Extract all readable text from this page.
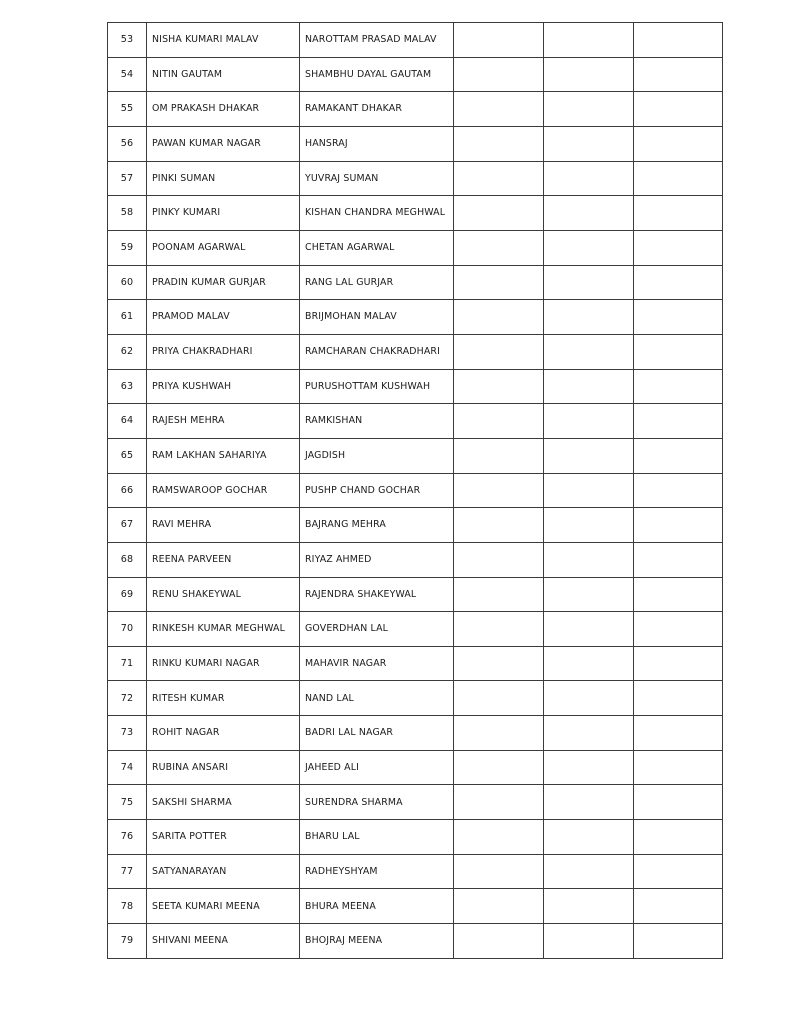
53	NISHA KUMARI MALAV	NAROTTAM PRASAD MALAV			

54	NITIN GAUTAM	SHAMBHU DAYAL GAUTAM			

55	OM PRAKASH DHAKAR	RAMAKANT DHAKAR			

56	PAWAN KUMAR NAGAR	HANSRAJ			

57	PINKI SUMAN	YUVRAJ SUMAN			

58	PINKY KUMARI	KISHAN CHANDRA MEGHWAL			

59	POONAM AGARWAL	CHETAN AGARWAL			

60	PRADIN KUMAR GURJAR	RANG LAL GURJAR			

61	PRAMOD MALAV	BRIJMOHAN MALAV			

62	PRIYA CHAKRADHARI	RAMCHARAN CHAKRADHARI			

63	PRIYA KUSHWAH	PURUSHOTTAM KUSHWAH			

64	RAJESH MEHRA	RAMKISHAN			

65	RAM LAKHAN SAHARIYA	JAGDISH			

66	RAMSWAROOP GOCHAR	PUSHP CHAND GOCHAR			

67	RAVI MEHRA	BAJRANG MEHRA			

68	REENA PARVEEN	RIYAZ AHMED			

69	RENU SHAKEYWAL	RAJENDRA SHAKEYWAL			

70	RINKESH KUMAR MEGHWAL	GOVERDHAN LAL			

71	RINKU KUMARI NAGAR	MAHAVIR NAGAR			

72	RITESH KUMAR	NAND LAL			

73	ROHIT NAGAR	BADRI LAL NAGAR			

74	RUBINA ANSARI	JAHEED ALI			

75	SAKSHI SHARMA	SURENDRA SHARMA			

76	SARITA POTTER	BHARU LAL			

77	SATYANARAYAN	RADHEYSHYAM			

78	SEETA KUMARI MEENA	BHURA MEENA			

79	SHIVANI MEENA	BHOJRAJ MEENA			
